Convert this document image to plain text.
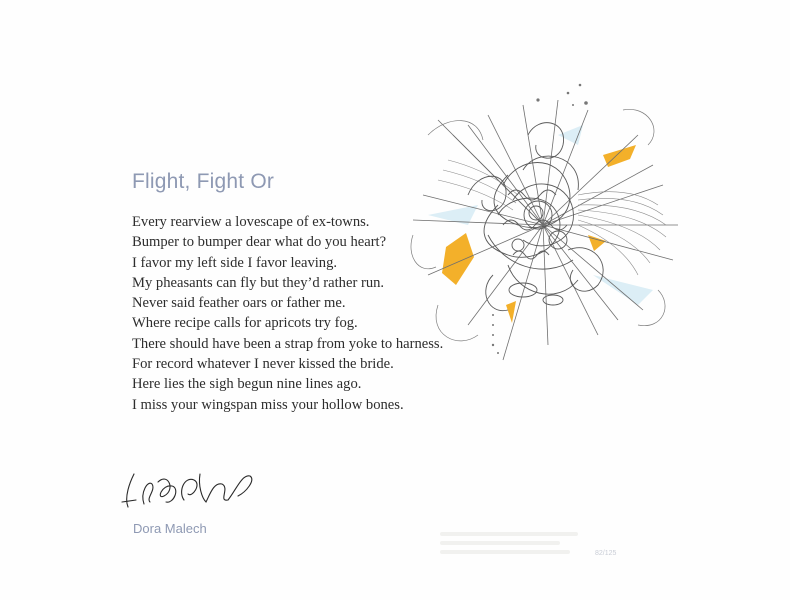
Flight, Fight Or
Every rearview a lovescape of ex-towns.
Bumper to bumper dear what do you heart?
I favor my left side I favor leaving.
My pheasants can fly but they’d rather run.
Never said feather oars or father me.
Where recipe calls for apricots try fog.
There should have been a strap from yoke to harness.
For record whatever I never kissed the bride.
Here lies the sigh begun nine lines ago.
I miss your wingspan miss your hollow bones.

Dora Malech

82/125
